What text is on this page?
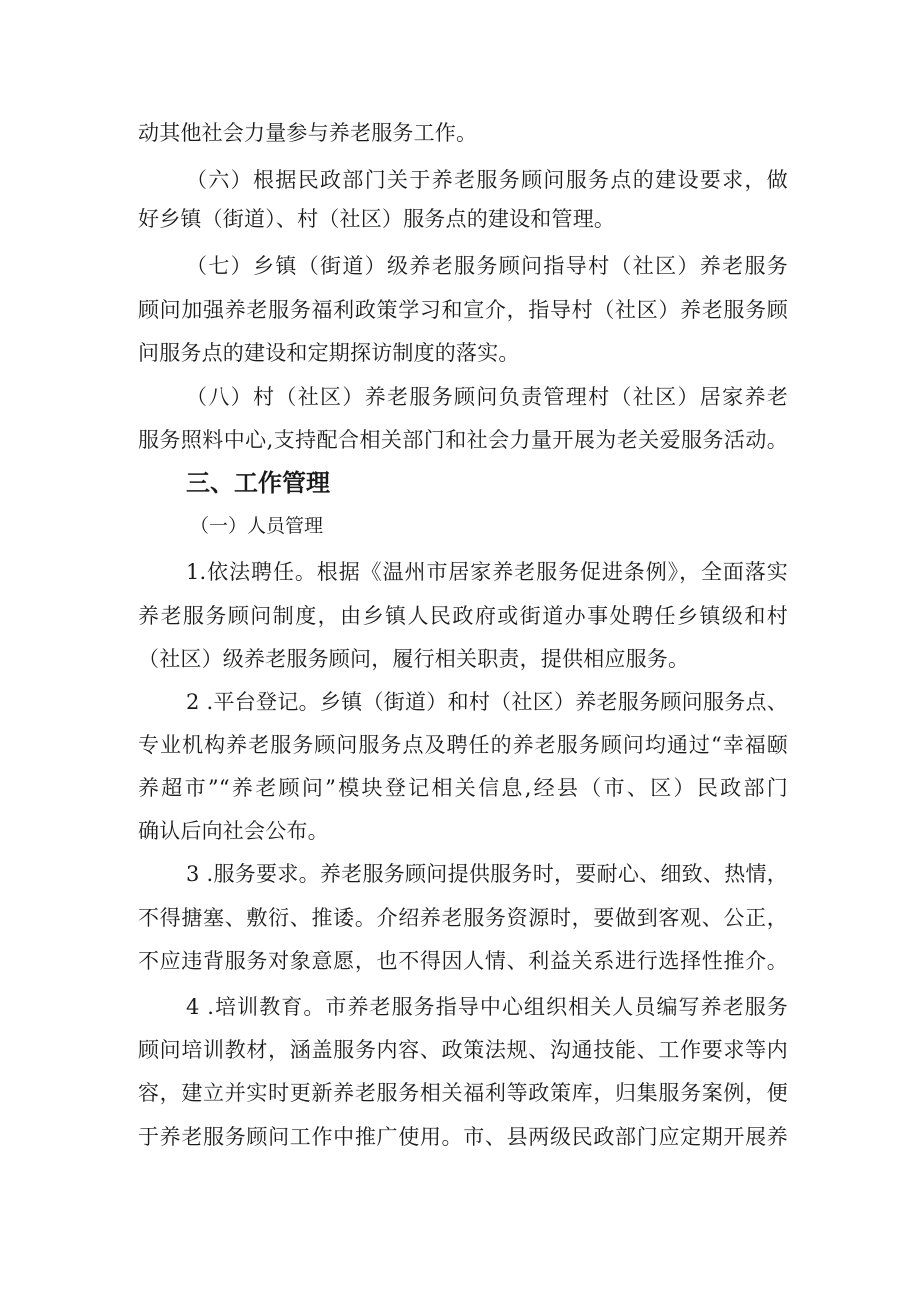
动其他社会力量参与养老服务工作。
（六）根据民政部门关于养老服务顾问服务点的建设要求，做
好乡镇（街道）、村（社区）服务点的建设和管理。
（七）乡镇（街道）级养老服务顾问指导村（社区）养老服务
顾问加强养老服务福利政策学习和宣介，指导村（社区）养老服务顾
问服务点的建设和定期探访制度的落实。
（八）村（社区）养老服务顾问负责管理村（社区）居家养老
服务照料中心,支持配合相关部门和社会力量开展为老关爱服务活动。
三、工作管理
（一）人员管理
1.依法聘任。根据《温州市居家养老服务促进条例》，全面落实
养老服务顾问制度，由乡镇人民政府或街道办事处聘任乡镇级和村
（社区）级养老服务顾问，履行相关职责，提供相应服务。
2 .平台登记。乡镇（街道）和村（社区）养老服务顾问服务点、
专业机构养老服务顾问服务点及聘任的养老服务顾问均通过“幸福颐
养超市”“养老顾问”模块登记相关信息,经县（市、区）民政部门
确认后向社会公布。
3 .服务要求。养老服务顾问提供服务时，要耐心、细致、热情，
不得搪塞、敷衍、推诿。介绍养老服务资源时，要做到客观、公正，
不应违背服务对象意愿，也不得因人情、利益关系进行选择性推介。
4 .培训教育。市养老服务指导中心组织相关人员编写养老服务
顾问培训教材，涵盖服务内容、政策法规、沟通技能、工作要求等内
容，建立并实时更新养老服务相关福利等政策库，归集服务案例，便
于养老服务顾问工作中推广使用。市、县两级民政部门应定期开展养
